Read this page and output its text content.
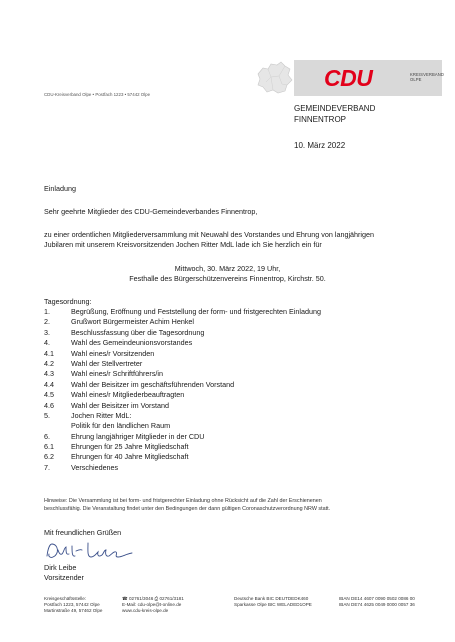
CDU	KREISVERBAND
OLPE
CDU-Kreisverband Olpe • Postfach 1223 • 57442 Olpe
GEMEINDEVERBAND
FINNENTROP
10. März 2022
Einladung
Sehr geehrte Mitglieder des CDU-Gemeindeverbandes Finnentrop,
zu einer ordentlichen Mitgliederversammlung mit Neuwahl des Vorstandes und Ehrung von langjährigen
Jubilaren mit unserem Kreisvorsitzenden Jochen Ritter MdL lade ich Sie herzlich ein für
Mittwoch, 30. März 2022, 19 Uhr,
Festhalle des Bürgerschützenvereins Finnentrop, Kirchstr. 50.
Tagesordnung:
1.	Begrüßung, Eröffnung und Feststellung der form- und fristgerechten Einladung
2.	Grußwort Bürgermeister Achim Henkel
3.	Beschlussfassung über die Tagesordnung
4.	Wahl des Gemeindeunionsvorstandes
4.1	Wahl eines/r Vorsitzenden
4.2	Wahl der Stellvertreter
4.3	Wahl eines/r Schriftführers/in
4.4	Wahl der Beisitzer im geschäftsführenden Vorstand
4.5	Wahl eines/r Mitgliederbeauftragten
4.6	Wahl der Beisitzer im Vorstand
5.	Jochen Ritter MdL:
Politik für den ländlichen Raum
6.	Ehrung langjähriger Mitglieder in der CDU
6.1	Ehrungen für 25 Jahre Mitgliedschaft
6.2	Ehrungen für 40 Jahre Mitgliedschaft
7.	Verschiedenes
Hinweise: Die Versammlung ist bei form- und fristgerechter Einladung ohne Rücksicht auf die Zahl der Erschienenen
beschlussfähig. Die Veranstaltung findet unter den Bedingungen der dann gültigen Coronaschutzverordnung NRW statt.
Mit freundlichen Grüßen
Dirk Leibe
Vorsitzender
Kreisgeschäftsstelle:
Postfach 1223, 57442 Olpe
Martinstraße 49, 57462 Olpe
☎ 02761/3046 ⎙ 02761/3181
E-Mail: cdu-olpe@t-online.de
www.cdu-kreis-olpe.de
Deutsche Bank BIC DEUTDEDK460
Sparkasse Olpe BIC WELADED1OPE
IBAN DE14 4607 0090 0502 0086 00
IBAN DE74 4625 0049 0000 0057 36
